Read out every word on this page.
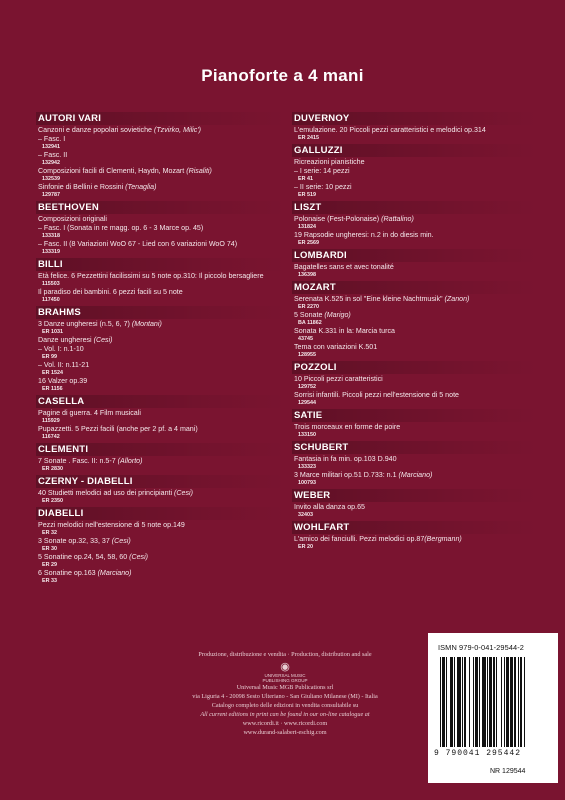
Pianoforte a 4 mani
AUTORI VARI
Canzoni e danze popolari sovietiche (Tzvirko, Milic')
– Fasc. I
132941
– Fasc. II
132942
Composizioni facili di Clementi, Haydn, Mozart (Risaliti)
132539
Sinfonie di Bellini e Rossini (Tenaglia)
129787
BEETHOVEN
Composizioni originali
– Fasc. I (Sonata in re magg. op. 6 - 3 Marce op. 45)
133318
– Fasc. II (8 Variazioni WoO 67 - Lied con 6 variazioni WoO 74)
133319
BILLI
Età felice. 6 Pezzettini facilissimi su 5 note op.310: Il piccolo bersagliere
115503
Il paradiso dei bambini. 6 pezzi facili su 5 note
117450
BRAHMS
3 Danze ungheresi (n.5, 6, 7) (Montani)
ER 1031
Danze ungheresi (Cesi)
– Vol. I: n.1-10
ER 99
– Vol. II: n.11-21
ER 1524
16 Valzer op.39
ER 1156
CASELLA
Pagine di guerra. 4 Film musicali
115929
Pupazzetti. 5 Pezzi facili (anche per 2 pf. a 4 mani)
116742
CLEMENTI
7 Sonate . Fasc. II: n.5-7 (Allorto)
ER 2830
CZERNY - DIABELLI
40 Studietti melodici ad uso dei principianti (Cesi)
ER 2350
DIABELLI
Pezzi melodici nell'estensione di 5 note op.149
ER 32
3 Sonate op.32, 33, 37 (Cesi)
ER 30
5 Sonatine op.24, 54, 58, 60 (Cesi)
ER 29
6 Sonatine op.163 (Marciano)
ER 33
DUVERNOY
L'emulazione. 20 Piccoli pezzi caratteristici e melodici op.314
ER 2415
GALLUZZI
Ricreazioni pianistiche
– I serie: 14 pezzi
ER 41
– II serie: 10 pezzi
ER 519
LISZT
Polonaise (Fest-Polonaise) (Rattalino)
131824
19 Rapsodie ungheresi: n.2 in do diesis min.
ER 2569
LOMBARDI
Bagatelles sans et avec tonalité
136398
MOZART
Serenata K.525 in sol "Eine kleine Nachtmusik" (Zanon)
ER 2270
5 Sonate (Marigo)
BA 11862
Sonata K.331 in la: Marcia turca
43745
Tema con variazioni K.501
128955
POZZOLI
10 Piccoli pezzi caratteristici
129752
Sorrisi infantili. Piccoli pezzi nell'estensione di 5 note
129544
SATIE
Trois morceaux en forme de poire
133150
SCHUBERT
Fantasia in fa min. op.103 D.940
133323
3 Marce militari op.51 D.733: n.1 (Marciano)
100793
WEBER
Invito alla danza op.65
32403
WOHLFART
L'amico dei fanciulli. Pezzi melodici op.87(Bergmann)
ER 20
Produzione, distribuzione e vendita · Production, distribution and sale
◉
UNIVERSAL MUSIC
PUBLISHING GROUP
Universal Music MGB Publications srl
via Liguria 4 - 20098 Sesto Ulteriano - San Giuliano Milanese (MI) - Italia
Catalogo completo delle edizioni in vendita consultabile su
All current editions in print can be found in our on-line catalogue at
www.ricordi.it · www.ricordi.com
www.durand-salabert-eschig.com
ISMN 979-0-041-29544-2
9 790041 295442
NR 129544
